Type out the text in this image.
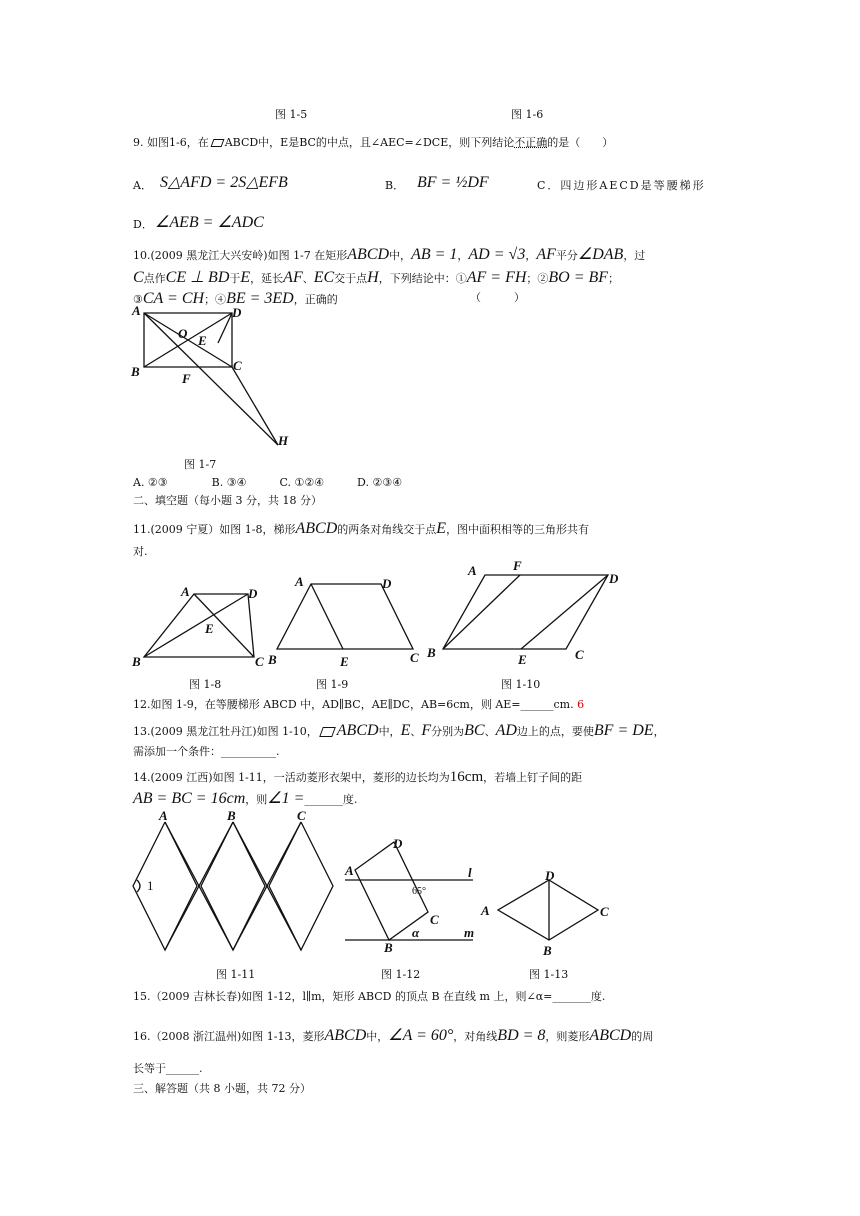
图 1-5	图 1-6
9. 如图1-6，在 ABCD中，E是BC的中点，且∠AEC=∠DCE，则下列结论不正确的是（　　）
A． S△AFD = 2S△EFB	B． BF = ½DF	C．四边形AECD是等腰梯形
D． ∠AEB = ∠ADC
10.(2009 黑龙江大兴安岭)如图 1-7 在矩形ABCD中，AB = 1，AD = √3，AF平分∠DAB，过
C点作CE ⊥ BD于E，延长AF、EC交于点H，下列结论中：①AF = FH；②BO = BF；
③CA = CH；④BE = 3ED，正确的	（　　　）
A	D
B	C
O E
F
H
图 1-7
A. ②③　　　　B. ③④　　　C. ①②④　　　D. ②③④
二、填空题（每小题 3 分，共 18 分）
11.(2009 宁夏）如图 1-8，梯形ABCD的两条对角线交于点E，图中面积相等的三角形共有
对.
A	D
E
B	C
图 1-8
A	D
B	E	C
图 1-9
A	F
D
B	E	C
图 1-10
12.如图 1-9，在等腰梯形 ABCD 中，AD∥BC，AE∥DC，AB=6cm，则 AE=______cm. 6
13.(2009 黑龙江牡丹江)如图 1-10， ABCD中，E、F分别为BC、AD边上的点，要使BF = DE，
需添加一个条件：__________.
14.(2009 江西)如图 1-11，一活动菱形衣架中，菱形的边长均为16cm，若墙上钉子间的距
AB = BC = 16cm，则∠1 =_______度.
A	B	C
1
图 1-11
D
A
65°
l
C
B
α	m
图 1-12
D
A	C
B
图 1-13
15.（2009 吉林长春)如图 1-12，l∥m，矩形 ABCD 的顶点 B 在直线 m 上，则∠α=_______度.
16.（2008 浙江温州)如图 1-13，菱形ABCD中，∠A = 60°，对角线BD = 8，则菱形ABCD的周
长等于______.
三、解答题（共 8 小题，共 72 分）
